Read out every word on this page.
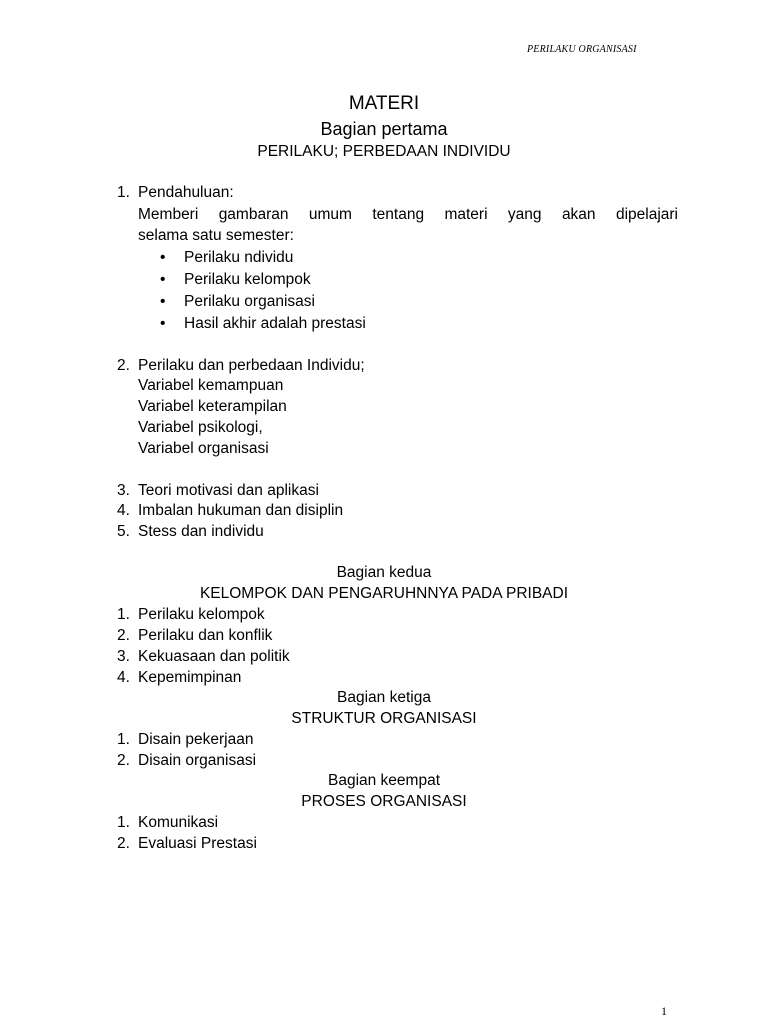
PERILAKU ORGANISASI
MATERI
Bagian pertama
PERILAKU; PERBEDAAN INDIVIDU
1. Pendahuluan:
Memberi gambaran umum tentang materi yang akan dipelajari
selama satu semester:
• Perilaku ndividu
• Perilaku kelompok
• Perilaku organisasi
• Hasil akhir adalah prestasi
2. Perilaku dan perbedaan Individu;
Variabel kemampuan
Variabel keterampilan
Variabel psikologi,
Variabel organisasi
3. Teori motivasi dan aplikasi
4. Imbalan hukuman dan disiplin
5. Stess dan individu
Bagian kedua
KELOMPOK DAN PENGARUHNNYA PADA PRIBADI
1. Perilaku kelompok
2. Perilaku dan konflik
3. Kekuasaan dan politik
4. Kepemimpinan
Bagian ketiga
STRUKTUR ORGANISASI
1. Disain pekerjaan
2. Disain organisasi
Bagian keempat
PROSES ORGANISASI
1. Komunikasi
2. Evaluasi Prestasi
1
